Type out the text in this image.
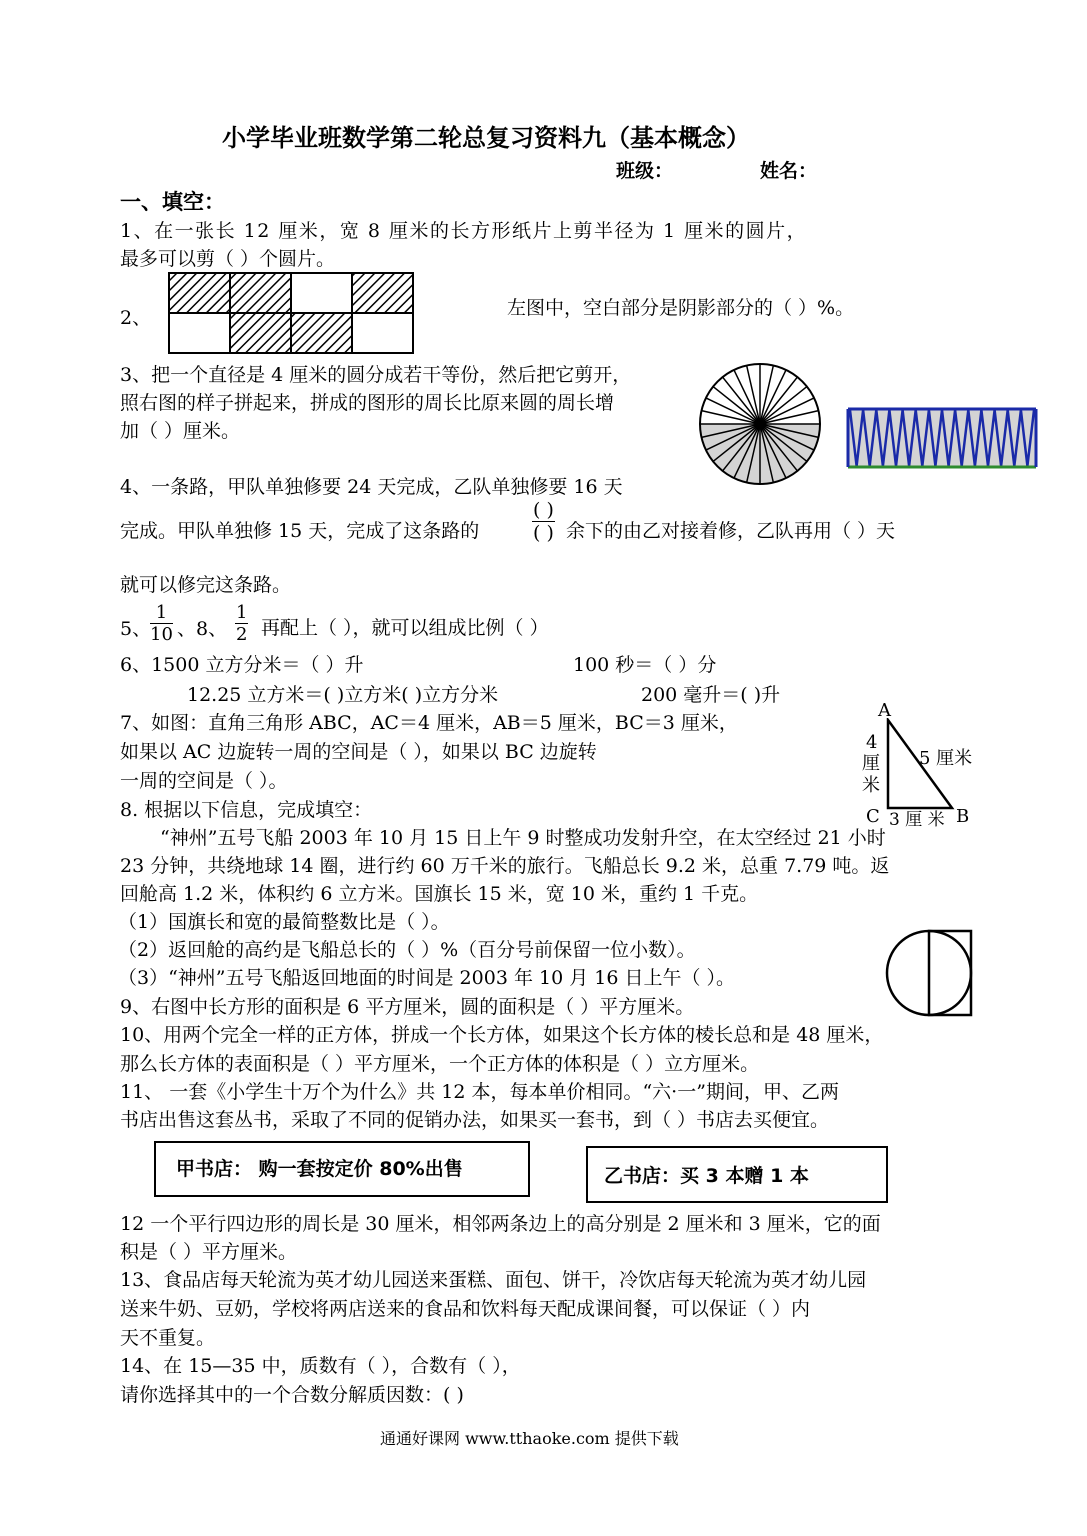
小学毕业班数学第二轮总复习资料九（基本概念）
班级：	姓名：
一、填空：
1、在一张长 12 厘米，宽 8 厘米的长方形纸片上剪半径为 1 厘米的圆片，
最多可以剪（ ）个圆片。
2、	左图中，空白部分是阴影部分的（ ）%。
3、把一个直径是 4 厘米的圆分成若干等份，然后把它剪开，
照右图的样子拼起来，拼成的图形的周长比原来圆的周长增
加（ ）厘米。
4、一条路，甲队单独修要 24 天完成，乙队单独修要 16 天
完成。甲队单独修 15 天，完成了这条路的
( )
( ) 余下的由乙对接着修，乙队再用（ ）天
就可以修完这条路。
5、
$\frac{1}{10}$ 、8、 $\frac{1}{2}$ 再配上（ ），就可以组成比例（ ）
6、1500 立方分米＝（ ）升	100 秒＝（ ）分
12.25 立方米＝( )立方米( )立方分米	200 毫升＝( )升
7、如图：直角三角形 ABC，AC＝4 厘米，AB＝5 厘米，BC＝3 厘米，
如果以 AC 边旋转一周的空间是（ ），如果以 BC 边旋转
一周的空间是（ ）。
A
B
C
4
厘
米
5 厘米
3 厘 米
8. 根据以下信息，完成填空：
“神州”五号飞船 2003 年 10 月 15 日上午 9 时整成功发射升空，在太空经过 21 小时
23 分钟，共绕地球 14 圈，进行约 60 万千米的旅行。飞船总长 9.2 米，总重 7.79 吨。返
回舱高 1.2 米，体积约 6 立方米。国旗长 15 米，宽 10 米，重约 1 千克。
（1）国旗长和宽的最简整数比是（ ）。
（2）返回舱的高约是飞船总长的（ ）%（百分号前保留一位小数）。
（3）“神州”五号飞船返回地面的时间是 2003 年 10 月 16 日上午（ ）。
9、右图中长方形的面积是 6 平方厘米，圆的面积是（ ）平方厘米。
10、用两个完全一样的正方体，拼成一个长方体，如果这个长方体的棱长总和是 48 厘米，
那么长方体的表面积是（ ）平方厘米，一个正方体的体积是（ ）立方厘米。
11、 一套《小学生十万个为什么》共 12 本，每本单价相同。“六·一”期间，甲、乙两
书店出售这套丛书，采取了不同的促销办法，如果买一套书，到（ ）书店去买便宜。
甲书店： 购一套按定价 80%出售	乙书店：买 3 本赠 1 本
12 一个平行四边形的周长是 30 厘米，相邻两条边上的高分别是 2 厘米和 3 厘米，它的面
积是（ ）平方厘米。
13、食品店每天轮流为英才幼儿园送来蛋糕、面包、饼干，冷饮店每天轮流为英才幼儿园
送来牛奶、豆奶，学校将两店送来的食品和饮料每天配成课间餐，可以保证（ ）内
天不重复。
14、在 15—35 中，质数有（ ），合数有（ ），
请你选择其中的一个合数分解质因数：( )
通通好课网 www.tthaoke.com 提供下载
